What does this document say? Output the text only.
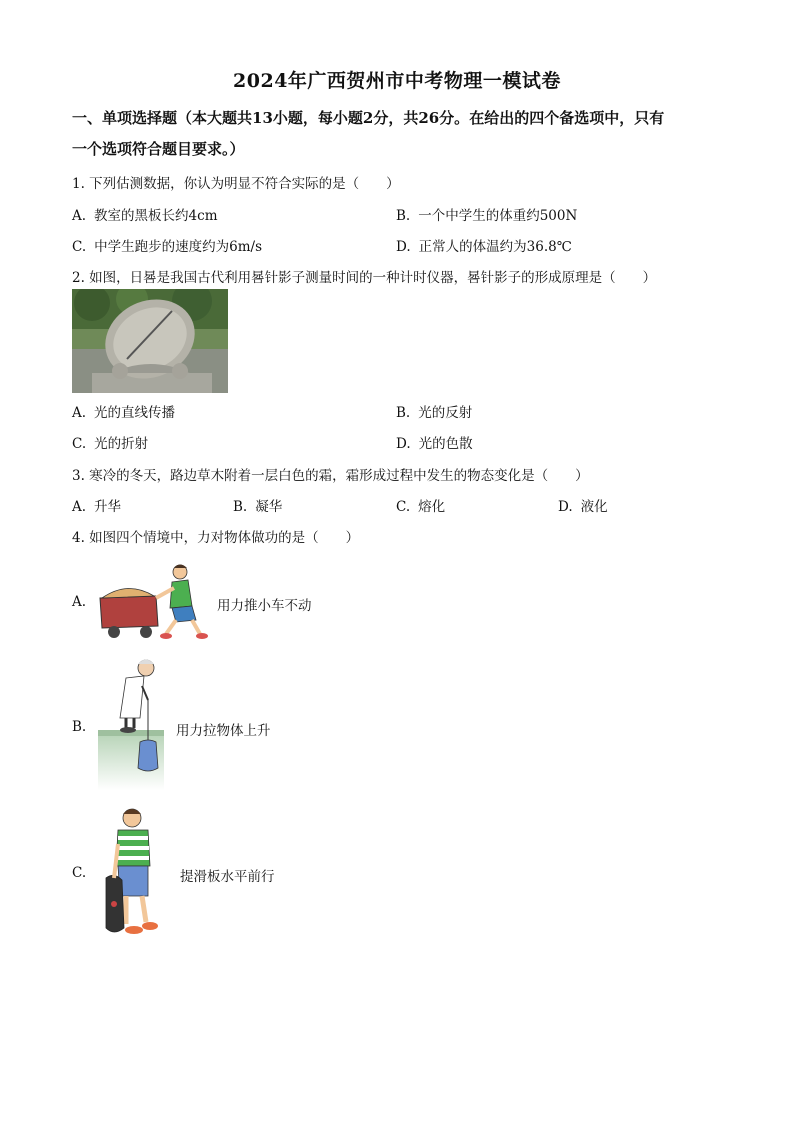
2024年广西贺州市中考物理一模试卷
一、单项选择题（本大题共13小题，每小题2分，共26分。在给出的四个备选项中，只有
一个选项符合题目要求。）
1. 下列估测数据，你认为明显不符合实际的是（　　）
A. 教室的黑板长约4cm	B. 一个中学生的体重约500N
C. 中学生跑步的速度约为6m/s	D. 正常人的体温约为36.8℃
2. 如图，日晷是我国古代利用晷针影子测量时间的一种计时仪器，晷针影子的形成原理是（　　）
A. 光的直线传播	B. 光的反射
C. 光的折射	D. 光的色散
3. 寒冷的冬天，路边草木附着一层白色的霜，霜形成过程中发生的物态变化是（　　）
A. 升华	B. 凝华	C. 熔化	D. 液化
4. 如图四个情境中，力对物体做功的是（　　）
A.	用力推小车不动
B.	用力拉物体上升
C.	提滑板水平前行
